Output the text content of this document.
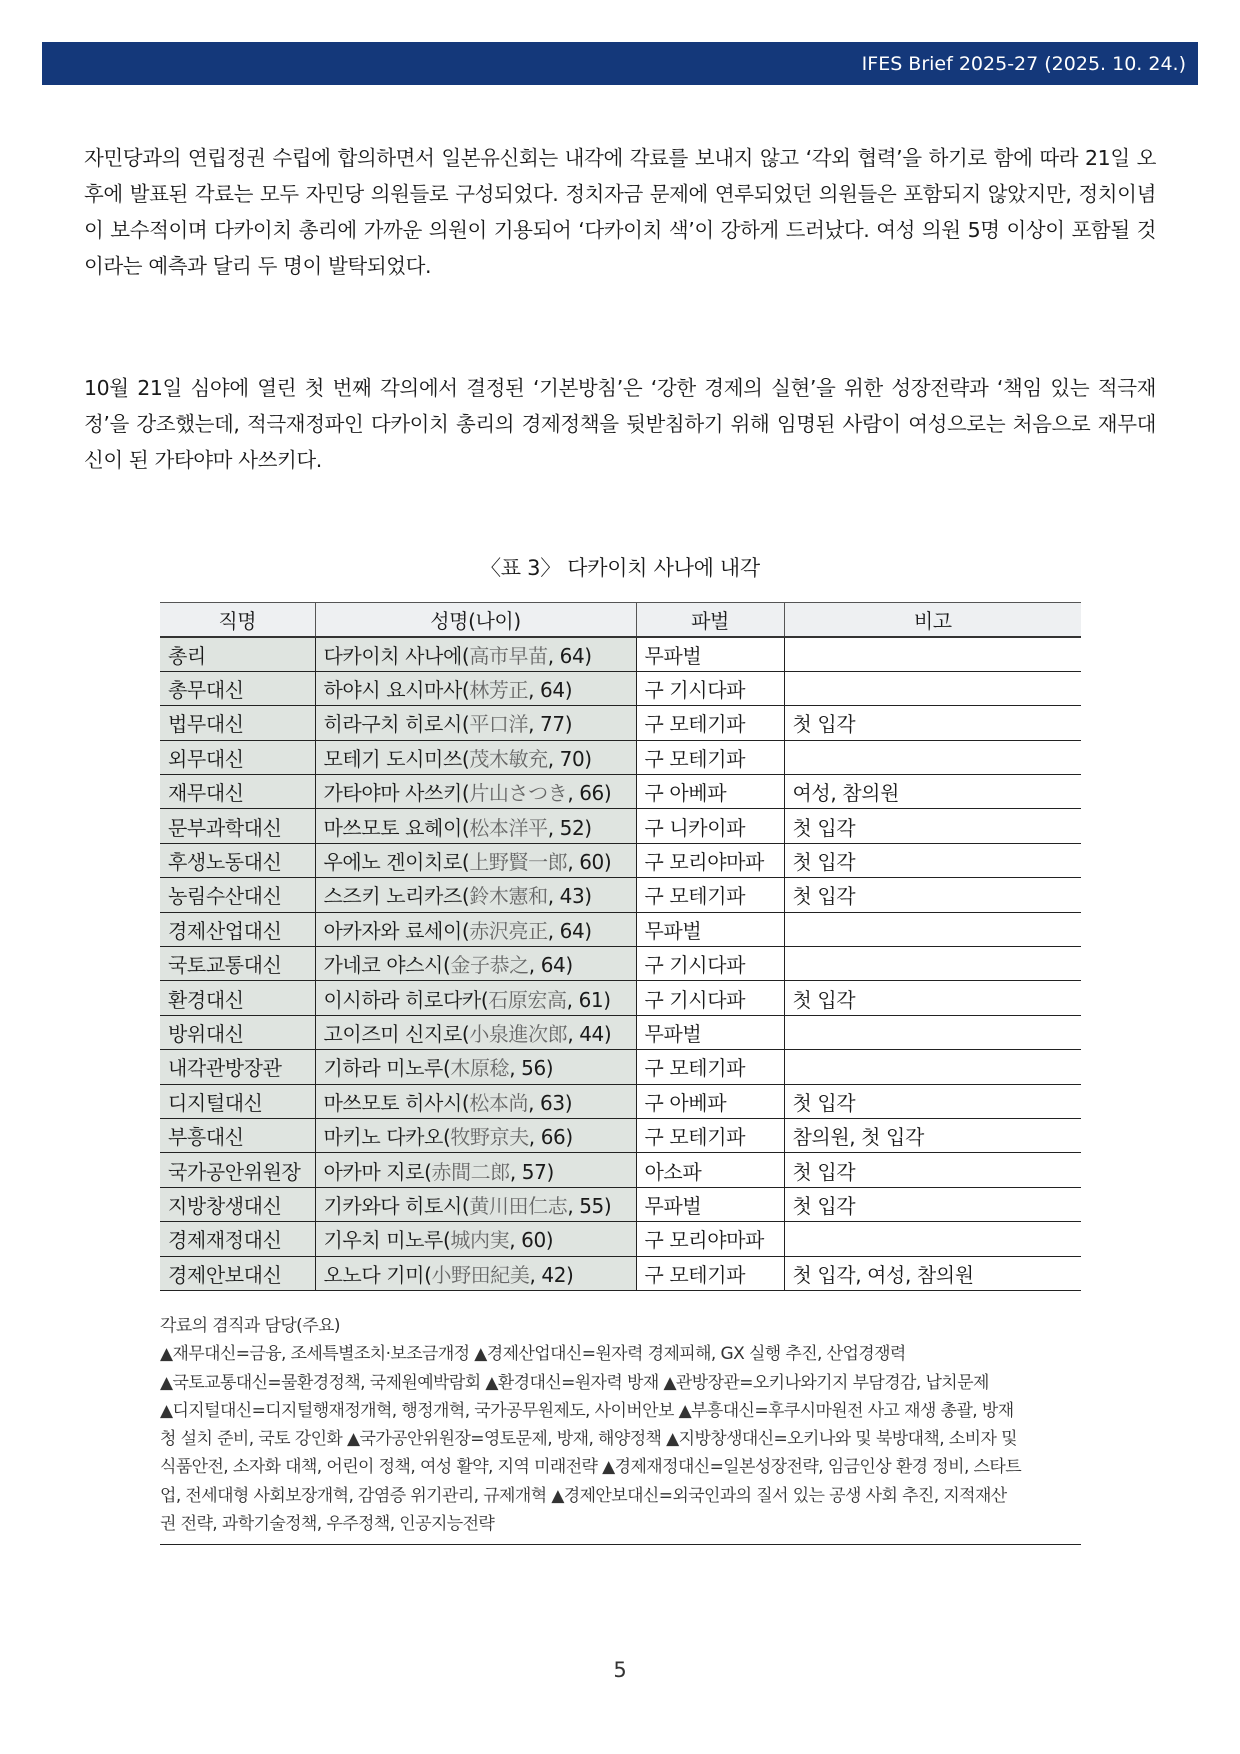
IFES Brief 2025-27 (2025. 10. 24.)

자민당과의 연립정권 수립에 합의하면서 일본유신회는 내각에 각료를 보내지 않고 ‘각외 협력’을 하기로 함에 따라 21일 오후에 발표된 각료는 모두 자민당 의원들로 구성되었다. 정치자금 문제에 연루되었던 의원들은 포함되지 않았지만, 정치이념이 보수적이며 다카이치 총리에 가까운 의원이 기용되어 ‘다카이치 색’이 강하게 드러났다. 여성 의원 5명 이상이 포함될 것이라는 예측과 달리 두 명이 발탁되었다.

10월 21일 심야에 열린 첫 번째 각의에서 결정된 ‘기본방침’은 ‘강한 경제의 실현’을 위한 성장전략과 ‘책임 있는 적극재정’을 강조했는데, 적극재정파인 다카이치 총리의 경제정책을 뒷받침하기 위해 임명된 사람이 여성으로는 처음으로 재무대신이 된 가타야마 사쓰키다.

〈표 3〉 다카이치 사나에 내각
직명	성명(나이)	파벌	비고
총리	다카이치 사나에(高市早苗, 64)	무파벌	
총무대신	하야시 요시마사(林芳正, 64)	구 기시다파	
법무대신	히라구치 히로시(平口洋, 77)	구 모테기파	첫 입각
외무대신	모테기 도시미쓰(茂木敏充, 70)	구 모테기파	
재무대신	가타야마 사쓰키(片山さつき, 66)	구 아베파	여성, 참의원
문부과학대신	마쓰모토 요헤이(松本洋平, 52)	구 니카이파	첫 입각
후생노동대신	우에노 겐이치로(上野賢一郎, 60)	구 모리야마파	첫 입각
농림수산대신	스즈키 노리카즈(鈴木憲和, 43)	구 모테기파	첫 입각
경제산업대신	아카자와 료세이(赤沢亮正, 64)	무파벌	
국토교통대신	가네코 야스시(金子恭之, 64)	구 기시다파	
환경대신	이시하라 히로다카(石原宏高, 61)	구 기시다파	첫 입각
방위대신	고이즈미 신지로(小泉進次郎, 44)	무파벌	
내각관방장관	기하라 미노루(木原稔, 56)	구 모테기파	
디지털대신	마쓰모토 히사시(松本尚, 63)	구 아베파	첫 입각
부흥대신	마키노 다카오(牧野京夫, 66)	구 모테기파	참의원, 첫 입각
국가공안위원장	아카마 지로(赤間二郎, 57)	아소파	첫 입각
지방창생대신	기카와다 히토시(黄川田仁志, 55)	무파벌	첫 입각
경제재정대신	기우치 미노루(城内実, 60)	구 모리야마파	
경제안보대신	오노다 기미(小野田紀美, 42)	구 모테기파	첫 입각, 여성, 참의원
각료의 겸직과 담당(주요)
▲재무대신=금융, 조세특별조치·보조금개정 ▲경제산업대신=원자력 경제피해, GX 실행 추진, 산업경쟁력
▲국토교통대신=물환경정책, 국제원예박람회 ▲환경대신=원자력 방재 ▲관방장관=오키나와기지 부담경감, 납치문제
▲디지털대신=디지털행재정개혁, 행정개혁, 국가공무원제도, 사이버안보 ▲부흥대신=후쿠시마원전 사고 재생 총괄, 방재
청 설치 준비, 국토 강인화 ▲국가공안위원장=영토문제, 방재, 해양정책 ▲지방창생대신=오키나와 및 북방대책, 소비자 및
식품안전, 소자화 대책, 어린이 정책, 여성 활약, 지역 미래전략 ▲경제재정대신=일본성장전략, 임금인상 환경 정비, 스타트
업, 전세대형 사회보장개혁, 감염증 위기관리, 규제개혁 ▲경제안보대신=외국인과의 질서 있는 공생 사회 추진, 지적재산
권 전략, 과학기술정책, 우주정책, 인공지능전략
5
